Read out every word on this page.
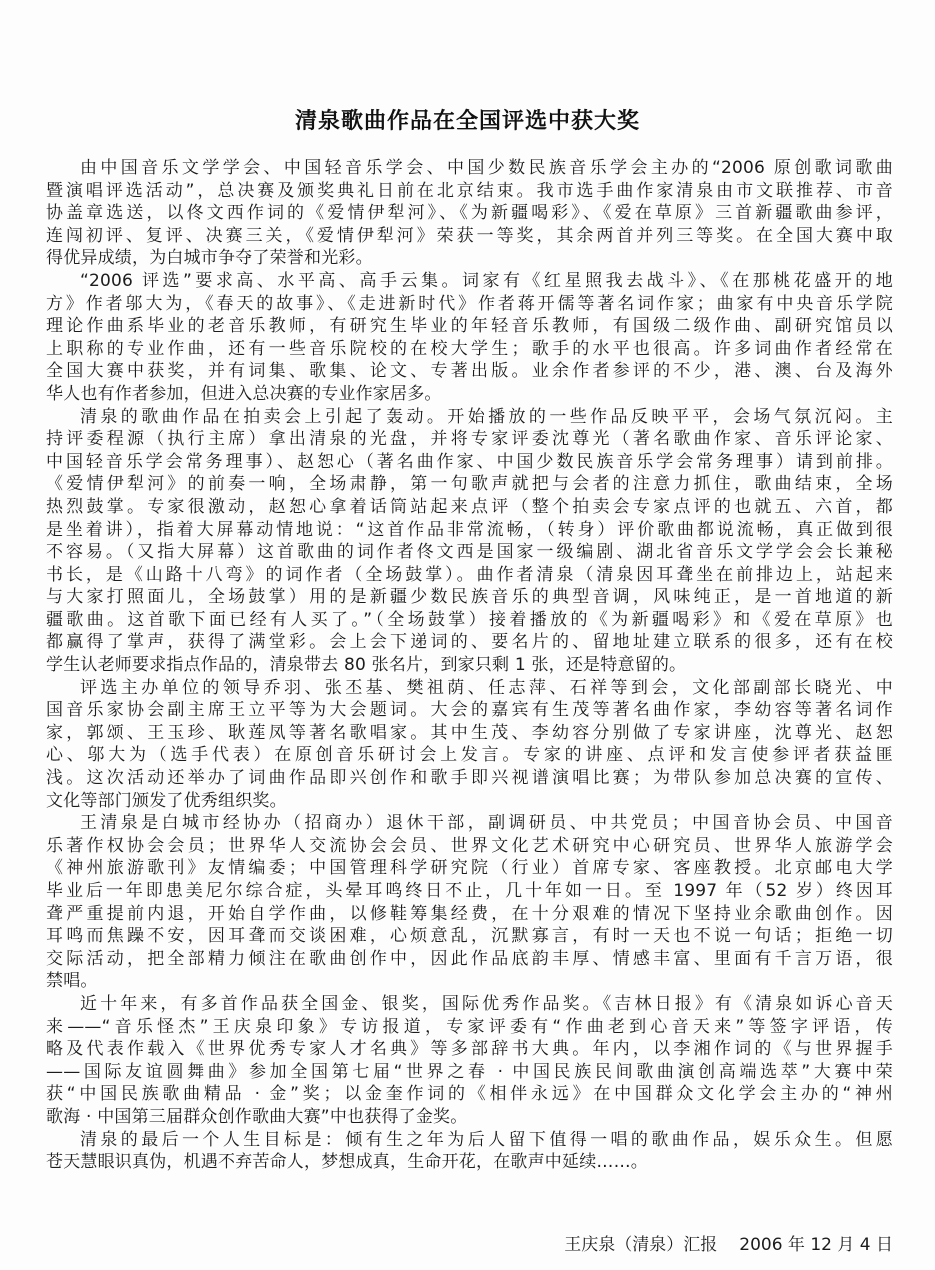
清泉歌曲作品在全国评选中获大奖
由中国音乐文学学会、中国轻音乐学会、中国少数民族音乐学会主办的“2006 原创歌词歌曲
暨演唱评选活动”，总决赛及颁奖典礼日前在北京结束。我市选手曲作家清泉由市文联推荐、市音
协盖章选送，以佟文西作词的《爱情伊犁河》、《为新疆喝彩》、《爱在草原》三首新疆歌曲参评，
连闯初评、复评、决赛三关，《爱情伊犁河》荣获一等奖，其余两首并列三等奖。在全国大赛中取
得优异成绩，为白城市争夺了荣誉和光彩。
“2006 评选”要求高、水平高、高手云集。词家有《红星照我去战斗》、《在那桃花盛开的地
方》作者邬大为，《春天的故事》、《走进新时代》作者蒋开儒等著名词作家；曲家有中央音乐学院
理论作曲系毕业的老音乐教师，有研究生毕业的年轻音乐教师，有国级二级作曲、副研究馆员以
上职称的专业作曲，还有一些音乐院校的在校大学生；歌手的水平也很高。许多词曲作者经常在
全国大赛中获奖，并有词集、歌集、论文、专著出版。业余作者参评的不少，港、澳、台及海外
华人也有作者参加，但进入总决赛的专业作家居多。
清泉的歌曲作品在拍卖会上引起了轰动。开始播放的一些作品反映平平，会场气氛沉闷。主
持评委程源（执行主席）拿出清泉的光盘，并将专家评委沈尊光（著名歌曲作家、音乐评论家、
中国轻音乐学会常务理事）、赵恕心（著名曲作家、中国少数民族音乐学会常务理事）请到前排。
《爱情伊犁河》的前奏一响，全场肃静，第一句歌声就把与会者的注意力抓住，歌曲结束，全场
热烈鼓掌。专家很激动，赵恕心拿着话筒站起来点评（整个拍卖会专家点评的也就五、六首，都
是坐着讲），指着大屏幕动情地说：“这首作品非常流畅，（转身）评价歌曲都说流畅，真正做到很
不容易。（又指大屏幕）这首歌曲的词作者佟文西是国家一级编剧、湖北省音乐文学学会会长兼秘
书长，是《山路十八弯》的词作者（全场鼓掌）。曲作者清泉（清泉因耳聋坐在前排边上，站起来
与大家打照面儿，全场鼓掌）用的是新疆少数民族音乐的典型音调，风味纯正，是一首地道的新
疆歌曲。这首歌下面已经有人买了。”（全场鼓掌）接着播放的《为新疆喝彩》和《爱在草原》也
都赢得了掌声，获得了满堂彩。会上会下递词的、要名片的、留地址建立联系的很多，还有在校
学生认老师要求指点作品的，清泉带去 80 张名片，到家只剩 1 张，还是特意留的。
评选主办单位的领导乔羽、张丕基、樊祖荫、任志萍、石祥等到会，文化部副部长晓光、中
国音乐家协会副主席王立平等为大会题词。大会的嘉宾有生茂等著名曲作家，李幼容等著名词作
家，郭颂、王玉珍、耿莲凤等著名歌唱家。其中生茂、李幼容分别做了专家讲座，沈尊光、赵恕
心、邬大为（选手代表）在原创音乐研讨会上发言。专家的讲座、点评和发言使参评者获益匪
浅。这次活动还举办了词曲作品即兴创作和歌手即兴视谱演唱比赛；为带队参加总决赛的宣传、
文化等部门颁发了优秀组织奖。
王清泉是白城市经协办（招商办）退休干部，副调研员、中共党员；中国音协会员、中国音
乐著作权协会会员；世界华人交流协会会员、世界文化艺术研究中心研究员、世界华人旅游学会
《神州旅游歌刊》友情编委；中国管理科学研究院（行业）首席专家、客座教授。北京邮电大学
毕业后一年即患美尼尔综合症，头晕耳鸣终日不止，几十年如一日。至 1997 年（52 岁）终因耳
聋严重提前内退，开始自学作曲，以修鞋筹集经费，在十分艰难的情况下坚持业余歌曲创作。因
耳鸣而焦躁不安，因耳聋而交谈困难，心烦意乱，沉默寡言，有时一天也不说一句话；拒绝一切
交际活动，把全部精力倾注在歌曲创作中，因此作品底韵丰厚、情感丰富、里面有千言万语，很
禁唱。
近十年来，有多首作品获全国金、银奖，国际优秀作品奖。《吉林日报》有《清泉如诉心音天
来——“音乐怪杰”王庆泉印象》专访报道，专家评委有“作曲老到心音天来”等签字评语，传
略及代表作载入《世界优秀专家人才名典》等多部辞书大典。年内，以李湘作词的《与世界握手
——国际友谊圆舞曲》参加全国第七届“世界之春 · 中国民族民间歌曲演创高端选萃”大赛中荣
获“中国民族歌曲精品 · 金”奖；以金奎作词的《相伴永远》在中国群众文化学会主办的“神州
歌海 · 中国第三届群众创作歌曲大赛”中也获得了金奖。
清泉的最后一个人生目标是：倾有生之年为后人留下值得一唱的歌曲作品，娱乐众生。但愿
苍天慧眼识真伪，机遇不弃苦命人，梦想成真，生命开花，在歌声中延续……。
王庆泉（清泉）汇报 2006 年 12 月 4 日
